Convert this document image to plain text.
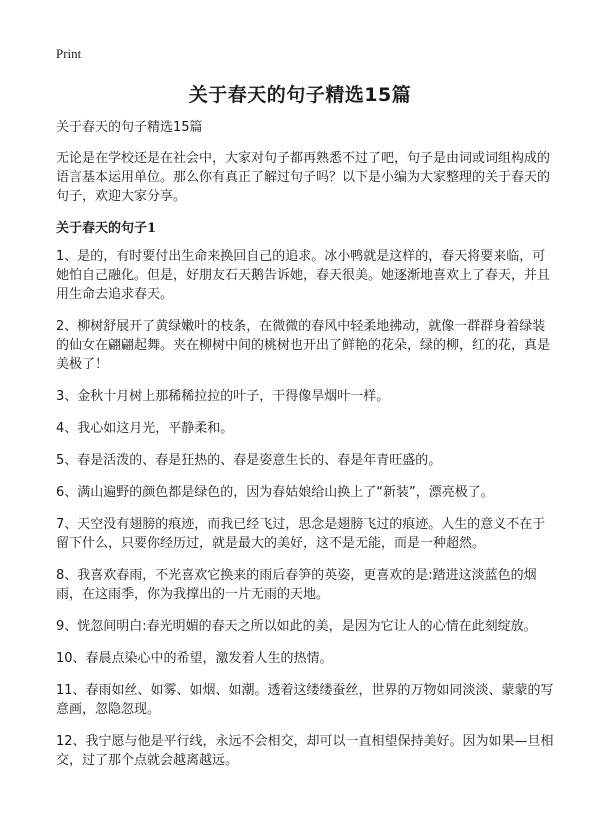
Print
关于春天的句子精选15篇

关于春天的句子精选15篇

无论是在学校还是在社会中，大家对句子都再熟悉不过了吧，句子是由词或词组构成的语言基本运用单位。那么你有真正了解过句子吗？以下是小编为大家整理的关于春天的句子，欢迎大家分享。

关于春天的句子1

1、是的，有时要付出生命来换回自己的追求。冰小鸭就是这样的，春天将要来临，可她怕自己融化。但是，好朋友石天鹅告诉她，春天很美。她逐渐地喜欢上了春天，并且用生命去追求春天。

2、柳树舒展开了黄绿嫩叶的枝条，在微微的春风中轻柔地拂动，就像一群群身着绿装的仙女在翩翩起舞。夹在柳树中间的桃树也开出了鲜艳的花朵，绿的柳，红的花，真是美极了！

3、金秋十月树上那稀稀拉拉的叶子，干得像旱烟叶一样。

4、我心如这月光，平静柔和。

5、春是活泼的、春是狂热的、春是姿意生长的、春是年青旺盛的。

6、满山遍野的颜色都是绿色的，因为春姑娘给山换上了“新装”，漂亮极了。

7、天空没有翅膀的痕迹，而我已经飞过，思念是翅膀飞过的痕迹。人生的意义不在于留下什么，只要你经历过，就是最大的美好，这不是无能，而是一种超然。

8、我喜欢春雨，不光喜欢它换来的雨后春笋的英姿，更喜欢的是:踏进这淡蓝色的烟雨，在这雨季，你为我撑出的一片无雨的天地。

9、恍忽间明白:春光明媚的春天之所以如此的美，是因为它让人的心情在此刻绽放。

10、春晨点染心中的希望，激发着人生的热情。

11、春雨如丝、如雾、如烟、如潮。透着这缕缕蚕丝，世界的万物如同淡淡、蒙蒙的写意画，忽隐忽现。

12、我宁愿与他是平行线，永远不会相交，却可以一直相望保持美好。因为如果—旦相交，过了那个点就会越离越远。
